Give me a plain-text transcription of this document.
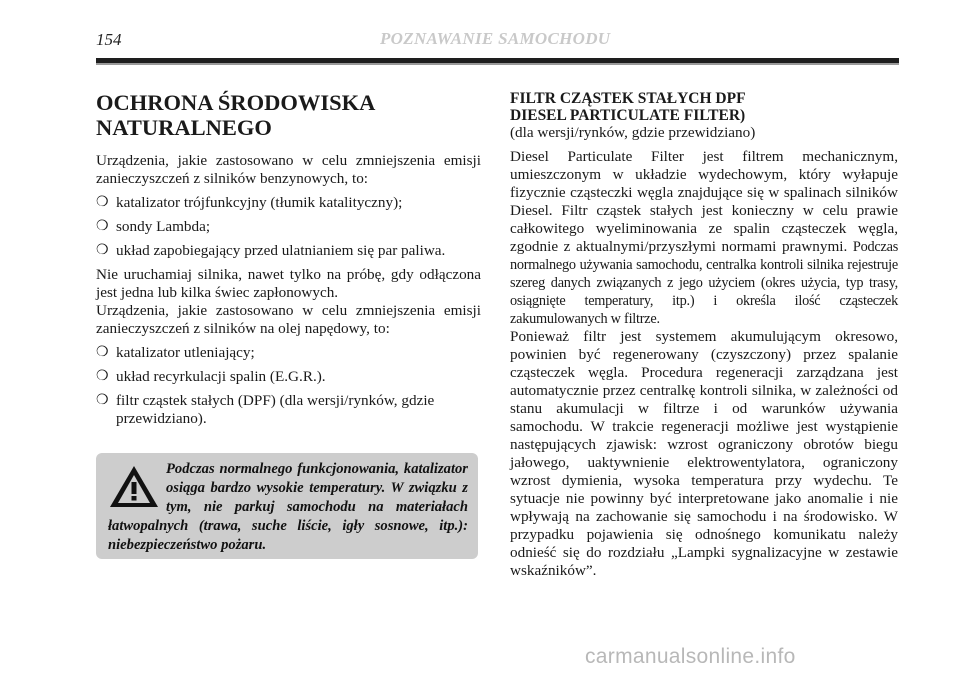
154	POZNAWANIE SAMOCHODU
OCHRONA ŚRODOWISKA
NATURALNEGO

Urządzenia, jakie zastosowano w celu zmniejszenia emisji zanieczyszczeń z silników benzynowych, to:

❍ katalizator trójfunkcyjny (tłumik katalityczny);
❍ sondy Lambda;
❍ układ zapobiegający przed ulatnianiem się par paliwa.

Nie uruchamiaj silnika, nawet tylko na próbę, gdy odłączona jest jedna lub kilka świec zapłonowych.

Urządzenia, jakie zastosowano w celu zmniejszenia emisji zanieczyszczeń z silników na olej napędowy, to:

❍ katalizator utleniający;
❍ układ recyrkulacji spalin (E.G.R.).
❍ filtr cząstek stałych (DPF) (dla wersji/rynków, gdzie przewidziano).
Podczas normalnego funkcjonowania, katalizator osiąga bardzo wysokie temperatury. W związku z tym, nie parkuj samochodu na materiałach łatwopalnych (trawa, suche liście, igły sosnowe, itp.): niebezpieczeństwo pożaru.
FILTR CZĄSTEK STAŁYCH DPF
DIESEL PARTICULATE FILTER)

(dla wersji/rynków, gdzie przewidziano)

Diesel Particulate Filter jest filtrem mechanicznym, umieszczonym w układzie wydechowym, który wyłapuje fizycznie cząsteczki węgla znajdujące się w spalinach silników Diesel. Filtr cząstek stałych jest konieczny w celu prawie całkowitego wyeliminowania ze spalin cząsteczek węgla, zgodnie z aktualnymi/przyszłymi normami prawnymi. Podczas normalnego używania samochodu, centralka kontroli silnika rejestruje szereg danych związanych z jego użyciem (okres użycia, typ trasy, osiągnięte temperatury, itp.) i określa ilość cząsteczek zakumulowanych w filtrze.

Ponieważ filtr jest systemem akumulującym okresowo, powinien być regenerowany (czyszczony) przez spalanie cząsteczek węgla. Procedura regeneracji zarządzana jest automatycznie przez centralkę kontroli silnika, w zależności od stanu akumulacji w filtrze i od warunków używania samochodu. W trakcie regeneracji możliwe jest wystąpienie następujących zjawisk: wzrost ograniczony obrotów biegu jałowego, uaktywnienie elektrowentylatora, ograniczony wzrost dymienia, wysoka temperatura przy wydechu. Te sytuacje nie powinny być interpretowane jako anomalie i nie wpływają na zachowanie się samochodu i na środowisko. W przypadku pojawienia się odnośnego komunikatu należy odnieść się do rozdziału „Lampki sygnalizacyjne w zestawie wskaźników”.

carmanualsonline.info
